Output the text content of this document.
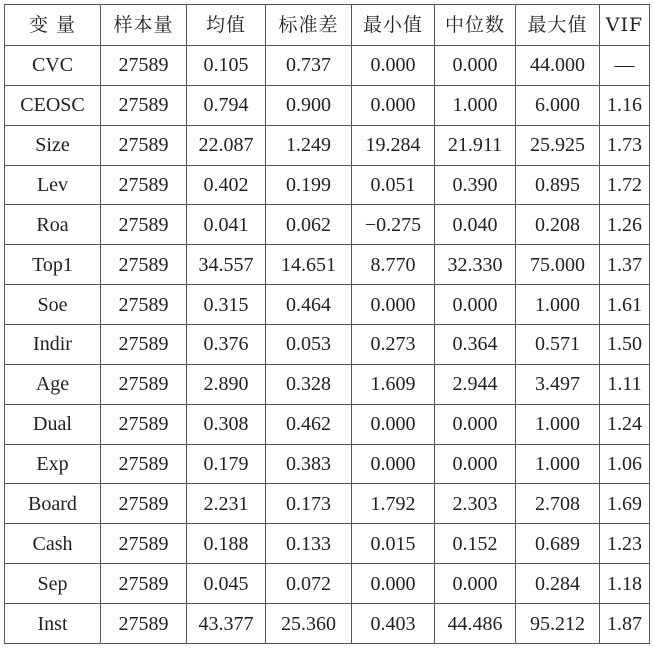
变 量	样本量	均值	标准差	最小值	中位数	最大值	VIF
CVC	27589	0.105	0.737	0.000	0.000	44.000	—
CEOSC	27589	0.794	0.900	0.000	1.000	6.000	1.16
Size	27589	22.087	1.249	19.284	21.911	25.925	1.73
Lev	27589	0.402	0.199	0.051	0.390	0.895	1.72
Roa	27589	0.041	0.062	−0.275	0.040	0.208	1.26
Top1	27589	34.557	14.651	8.770	32.330	75.000	1.37
Soe	27589	0.315	0.464	0.000	0.000	1.000	1.61
Indir	27589	0.376	0.053	0.273	0.364	0.571	1.50
Age	27589	2.890	0.328	1.609	2.944	3.497	1.11
Dual	27589	0.308	0.462	0.000	0.000	1.000	1.24
Exp	27589	0.179	0.383	0.000	0.000	1.000	1.06
Board	27589	2.231	0.173	1.792	2.303	2.708	1.69
Cash	27589	0.188	0.133	0.015	0.152	0.689	1.23
Sep	27589	0.045	0.072	0.000	0.000	0.284	1.18
Inst	27589	43.377	25.360	0.403	44.486	95.212	1.87
